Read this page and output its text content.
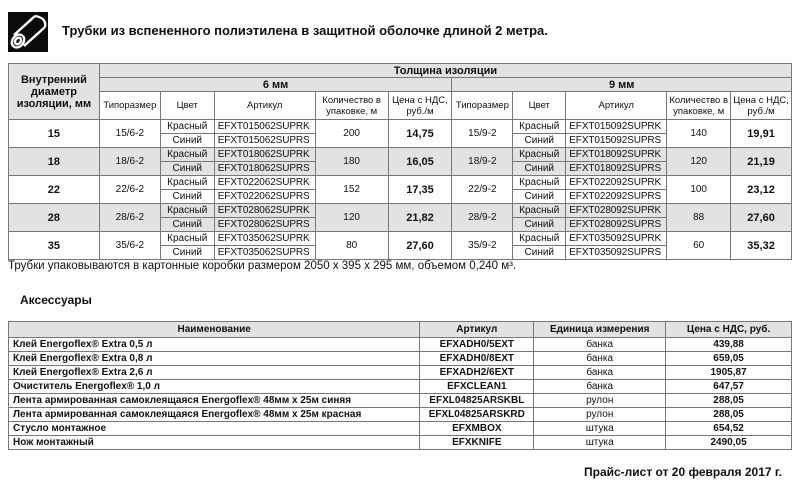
Трубки из вспененного полиэтилена в защитной оболочке длиной 2 метра.
Внутренний диаметр изоляции, мм	Толщина изоляции									
	6 мм					9 мм				
	Типоразмер	Цвет	Артикул	Количество в упаковке, м	Цена с НДС, руб./м	Типоразмер	Цвет	Артикул	Количество в упаковке, м	Цена с НДС, руб./м
15	15/6-2	Красный	EFXT015062SUPRK	200	14,75	15/9-2	Красный	EFXT015092SUPRK	140	19,91
		Синий	EFXT015062SUPRS				Синий	EFXT015092SUPRS		
18	18/6-2	Красный	EFXT018062SUPRK	180	16,05	18/9-2	Красный	EFXT018092SUPRK	120	21,19
		Синий	EFXT018062SUPRS				Синий	EFXT018092SUPRS		
22	22/6-2	Красный	EFXT022062SUPRK	152	17,35	22/9-2	Красный	EFXT022092SUPRK	100	23,12
		Синий	EFXT022062SUPRS				Синий	EFXT022092SUPRS		
28	28/6-2	Красный	EFXT028062SUPRK	120	21,82	28/9-2	Красный	EFXT028092SUPRK	88	27,60
		Синий	EFXT028062SUPRS				Синий	EFXT028092SUPRS		
35	35/6-2	Красный	EFXT035062SUPRK	80	27,60	35/9-2	Красный	EFXT035092SUPRK	60	35,32
		Синий	EFXT035062SUPRS				Синий	EFXT035092SUPRS		
Трубки упаковываются в картонные коробки размером 2050 х 395 х 295 мм, объемом 0,240 м³.
Аксессуары
Наименование	Артикул	Единица измерения	Цена с НДС, руб.
Клей Energoflex® Extra 0,5 л	EFXADH0/5EXT	банка	439,88
Клей Energoflex® Extra 0,8 л	EFXADH0/8EXT	банка	659,05
Клей Energoflex® Extra 2,6 л	EFXADH2/6EXT	банка	1905,87
Очиститель Energoflex® 1,0 л	EFXCLEAN1	банка	647,57
Лента армированная самоклеящаяся Energoflex® 48мм х 25м синяя	EFXL04825ARSKBL	рулон	288,05
Лента армированная самоклеящаяся Energoflex® 48мм х 25м красная	EFXL04825ARSKRD	рулон	288,05
Стусло монтажное	EFXMBOX	штука	654,52
Нож монтажный	EFXKNIFE	штука	2490,05
Прайс-лист от 20 февраля 2017 г.
